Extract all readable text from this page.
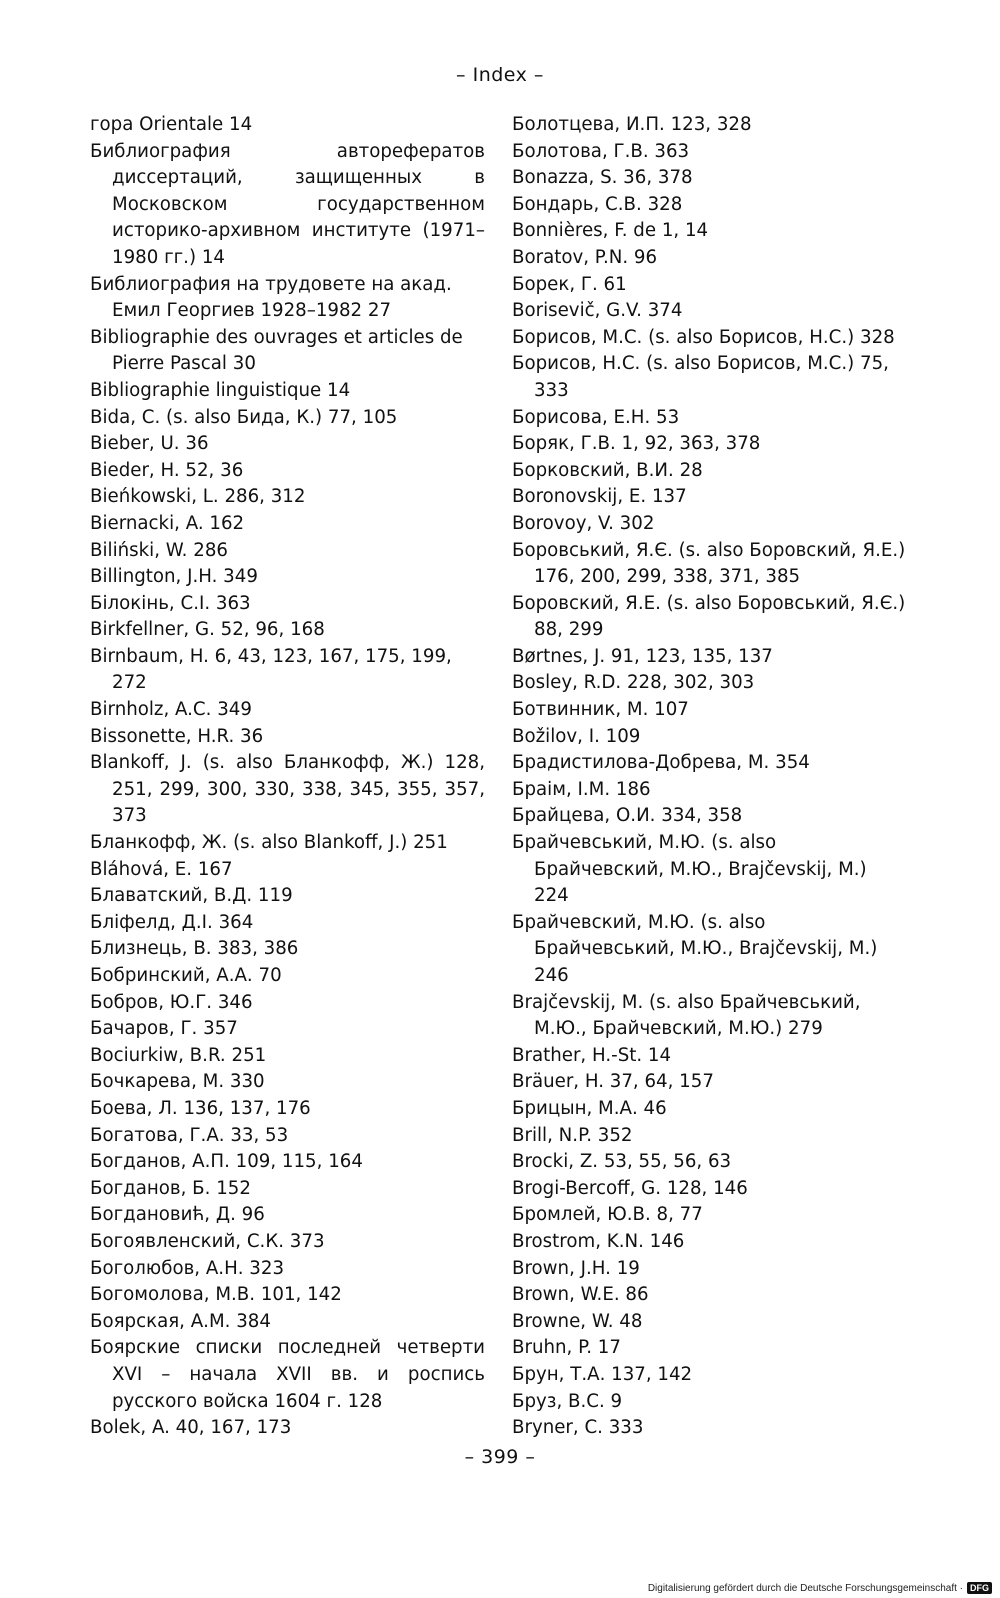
– Index –
гора Orientale 14
Библиография авторефератов диссертаций, защищенных в Московском государственном историко-архивном институте (1971–1980 гг.) 14
Библиография на трудовете на акад. Емил Георгиев 1928–1982 27
Bibliographie des ouvrages et articles de Pierre Pascal 30
Bibliographie linguistique 14
Bida, C. (s. also Бида, К.) 77, 105
Bieber, U. 36
Bieder, H. 52, 36
Bieńkowski, L. 286, 312
Biernacki, A. 162
Biliński, W. 286
Billington, J.H. 349
Білокінь, С.І. 363
Birkfellner, G. 52, 96, 168
Birnbaum, H. 6, 43, 123, 167, 175, 199, 272
Birnholz, A.C. 349
Bissonette, H.R. 36
Blankoff, J. (s. also Бланкофф, Ж.) 128, 251, 299, 300, 330, 338, 345, 355, 357, 373
Бланкофф, Ж. (s. also Blankoff, J.) 251
Bláhová, E. 167
Блаватский, В.Д. 119
Бліфелд, Д.І. 364
Близнець, В. 383, 386
Бобринский, А.А. 70
Бобров, Ю.Г. 346
Бачаров, Г. 357
Bociurkiw, B.R. 251
Бочкарева, М. 330
Боева, Л. 136, 137, 176
Богатова, Г.А. 33, 53
Богданов, А.П. 109, 115, 164
Богданов, Б. 152
Богдановић, Д. 96
Богоявленский, С.К. 373
Боголюбов, А.Н. 323
Богомолова, М.В. 101, 142
Боярская, А.М. 384
Боярские списки последней четверти XVI – начала XVII вв. и роспись русского войска 1604 г. 128
Bolek, A. 40, 167, 173
Болотцева, И.П. 123, 328
Болотова, Г.В. 363
Bonazza, S. 36, 378
Бондарь, С.В. 328
Bonnières, F. de 1, 14
Boratov, P.N. 96
Борек, Г. 61
Borisevič, G.V. 374
Борисов, М.С. (s. also Борисов, Н.С.) 328
Борисов, Н.С. (s. also Борисов, М.С.) 75, 333
Борисова, Е.Н. 53
Боряк, Г.В. 1, 92, 363, 378
Борковский, В.И. 28
Boronovskij, E. 137
Borovoy, V. 302
Боровський, Я.Є. (s. also Боровский, Я.Е.) 176, 200, 299, 338, 371, 385
Боровский, Я.Е. (s. also Боровський, Я.Є.) 88, 299
Børtnes, J. 91, 123, 135, 137
Bosley, R.D. 228, 302, 303
Ботвинник, М. 107
Božilov, I. 109
Брадистилова-Добрева, М. 354
Браім, І.М. 186
Брайцева, О.И. 334, 358
Брайчевський, М.Ю. (s. also Брайчевский, М.Ю., Brajčevskij, M.) 224
Брайчевский, М.Ю. (s. also Брайчевський, М.Ю., Brajčevskij, M.) 246
Brajčevskij, M. (s. also Брайчевський, М.Ю., Брайчевский, М.Ю.) 279
Brather, H.-St. 14
Bräuer, H. 37, 64, 157
Брицын, М.А. 46
Brill, N.P. 352
Brocki, Z. 53, 55, 56, 63
Brogi-Bercoff, G. 128, 146
Бромлей, Ю.В. 8, 77
Brostrom, K.N. 146
Brown, J.H. 19
Brown, W.E. 86
Browne, W. 48
Bruhn, P. 17
Брун, Т.А. 137, 142
Бруз, В.С. 9
Bryner, C. 333
– 399 –
Digitalisierung gefördert durch die Deutsche Forschungsgemeinschaft · DFG
